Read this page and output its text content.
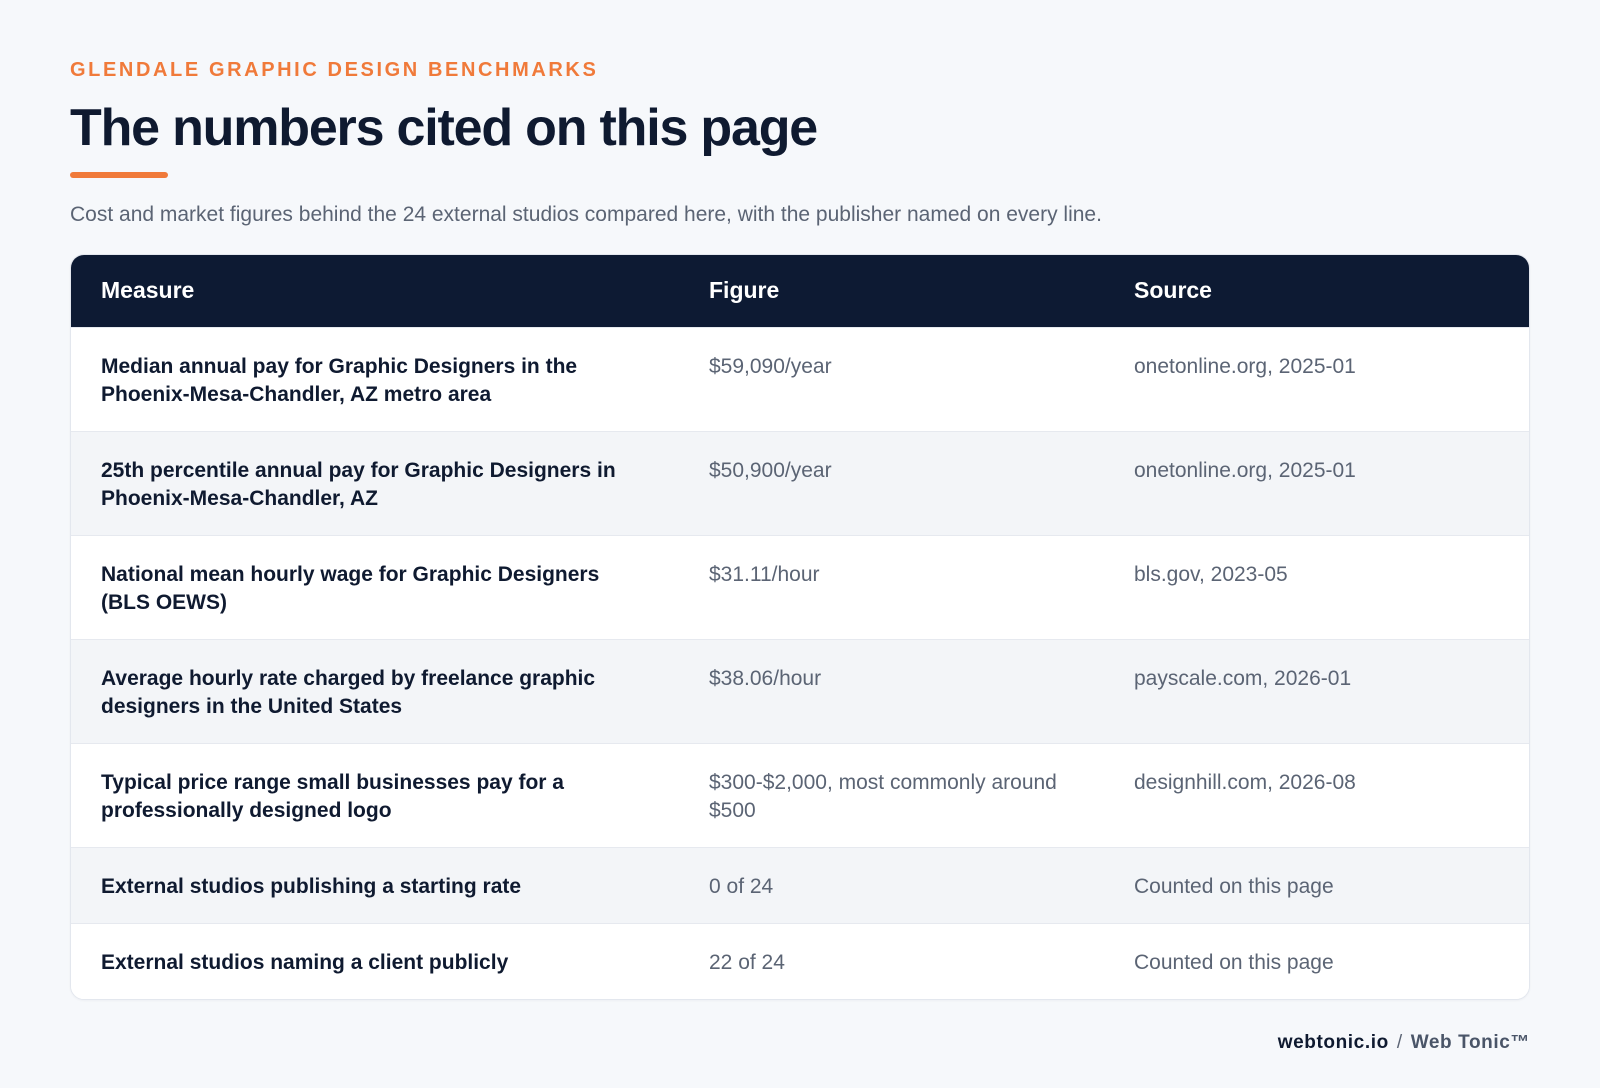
GLENDALE GRAPHIC DESIGN BENCHMARKS
The numbers cited on this page

Cost and market figures behind the 24 external studios compared here, with the publisher named on every line.

Measure	Figure	Source
Median annual pay for Graphic Designers in the Phoenix-Mesa-Chandler, AZ metro area	$59,090/year	onetonline.org, 2025-01
25th percentile annual pay for Graphic Designers in Phoenix-Mesa-Chandler, AZ	$50,900/year	onetonline.org, 2025-01
National mean hourly wage for Graphic Designers (BLS OEWS)	$31.11/hour	bls.gov, 2023-05
Average hourly rate charged by freelance graphic designers in the United States	$38.06/hour	payscale.com, 2026-01
Typical price range small businesses pay for a professionally designed logo	$300-$2,000, most commonly around $500	designhill.com, 2026-08
External studios publishing a starting rate	0 of 24	Counted on this page
External studios naming a client publicly	22 of 24	Counted on this page
webtonic.io / Web Tonic™
